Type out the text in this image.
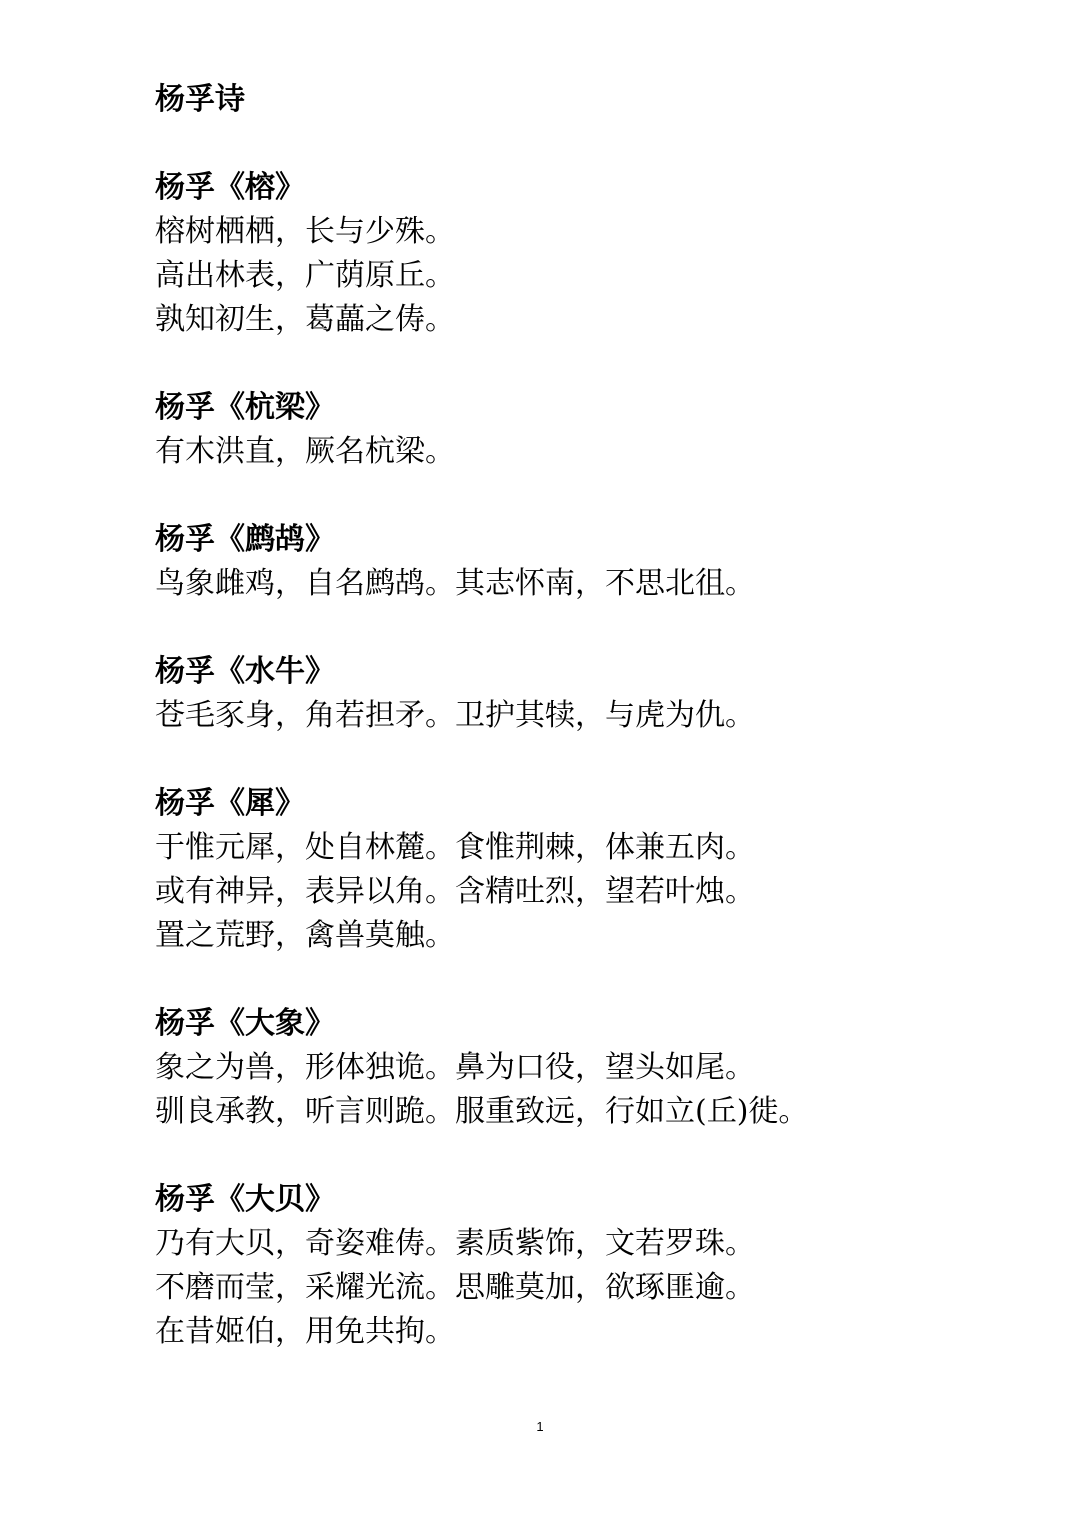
杨孚诗
杨孚《榕》
榕树栖栖，长与少殊。
高出林表，广荫原丘。
孰知初生，葛藟之俦。
杨孚《杭梁》
有木洪直，厥名杭梁。
杨孚《鹧鸪》
鸟象雌鸡，自名鹧鸪。其志怀南，不思北徂。
杨孚《水牛》
苍毛豕身，角若担矛。卫护其犊，与虎为仇。
杨孚《犀》
于惟元犀，处自林麓。食惟荆棘，体兼五肉。
或有神异，表异以角。含精吐烈，望若叶烛。
置之荒野，禽兽莫触。
杨孚《大象》
象之为兽，形体独诡。鼻为口役，望头如尾。
驯良承教，听言则跪。服重致远，行如立(丘)徙。
杨孚《大贝》
乃有大贝，奇姿难俦。素质紫饰，文若罗珠。
不磨而莹，采耀光流。思雕莫加，欲琢匪逾。
在昔姬伯，用免共拘。
1
